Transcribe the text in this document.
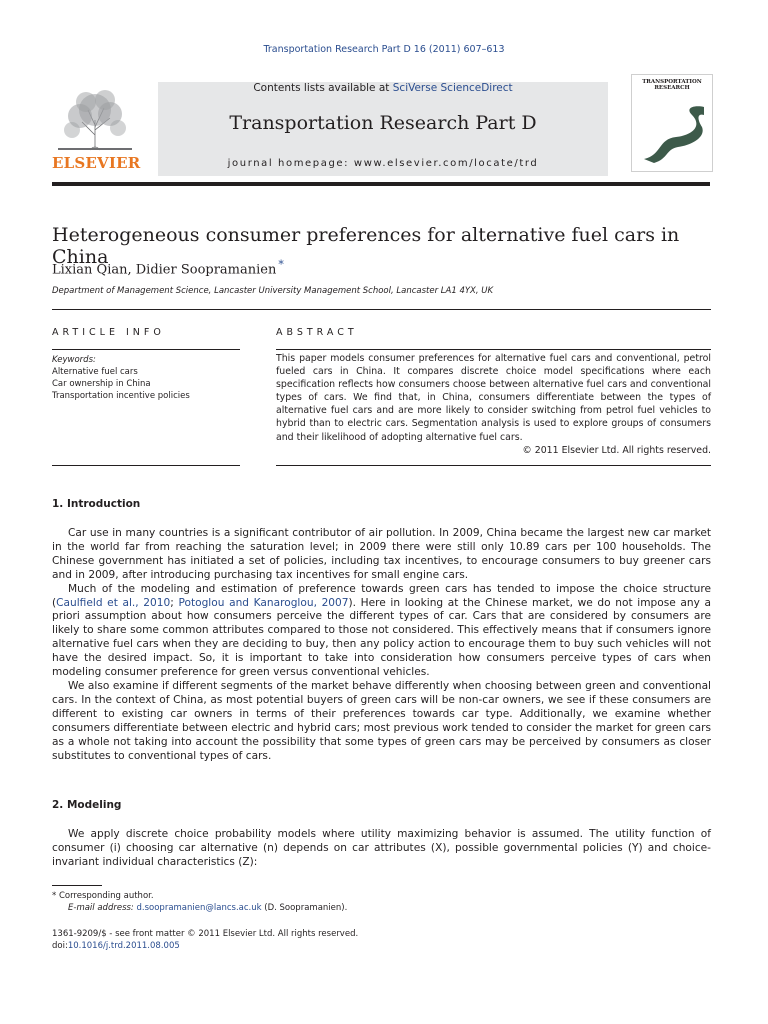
Transportation Research Part D 16 (2011) 607–613
ELSEVIER
Contents lists available at SciVerse ScienceDirect
Transportation Research Part D
journal homepage: www.elsevier.com/locate/trd
TRANSPORTATION RESEARCH
Heterogeneous consumer preferences for alternative fuel cars in China
Lixian Qian, Didier Soopramanien *
Department of Management Science, Lancaster University Management School, Lancaster LA1 4YX, UK
ARTICLE INFO	ABSTRACT
Keywords:
Alternative fuel cars
Car ownership in China
Transportation incentive policies
This paper models consumer preferences for alternative fuel cars and conventional, petrol fueled cars in China. It compares discrete choice model specifications where each specification reflects how consumers choose between alternative fuel cars and conventional types of cars. We find that, in China, consumers differentiate between the types of alternative fuel cars and are more likely to consider switching from petrol fuel vehicles to hybrid than to electric cars. Segmentation analysis is used to explore groups of consumers and their likelihood of adopting alternative fuel cars.
© 2011 Elsevier Ltd. All rights reserved.
1. Introduction

Car use in many countries is a significant contributor of air pollution. In 2009, China became the largest new car market in the world far from reaching the saturation level; in 2009 there were still only 10.89 cars per 100 households. The Chinese government has initiated a set of policies, including tax incentives, to encourage consumers to buy greener cars and in 2009, after introducing purchasing tax incentives for small engine cars.

Much of the modeling and estimation of preference towards green cars has tended to impose the choice structure (Caulfield et al., 2010; Potoglou and Kanaroglou, 2007). Here in looking at the Chinese market, we do not impose any a priori assumption about how consumers perceive the different types of car. Cars that are considered by consumers are likely to share some common attributes compared to those not considered. This effectively means that if consumers ignore alternative fuel cars when they are deciding to buy, then any policy action to encourage them to buy such vehicles will not have the desired impact. So, it is important to take into consideration how consumers perceive types of cars when modeling consumer preference for green versus conventional vehicles.

We also examine if different segments of the market behave differently when choosing between green and conventional cars. In the context of China, as most potential buyers of green cars will be non-car owners, we see if these consumers are different to existing car owners in terms of their preferences towards car type. Additionally, we examine whether consumers differentiate between electric and hybrid cars; most previous work tended to consider the market for green cars as a whole not taking into account the possibility that some types of green cars may be perceived by consumers as closer substitutes to conventional types of cars.

2. Modeling

We apply discrete choice probability models where utility maximizing behavior is assumed. The utility function of consumer (i) choosing car alternative (n) depends on car attributes (X), possible governmental policies (Y) and choice-invariant individual characteristics (Z):

* Corresponding author.
E-mail address: d.soopramanien@lancs.ac.uk (D. Soopramanien).
1361-9209/$ - see front matter © 2011 Elsevier Ltd. All rights reserved.
doi:10.1016/j.trd.2011.08.005
